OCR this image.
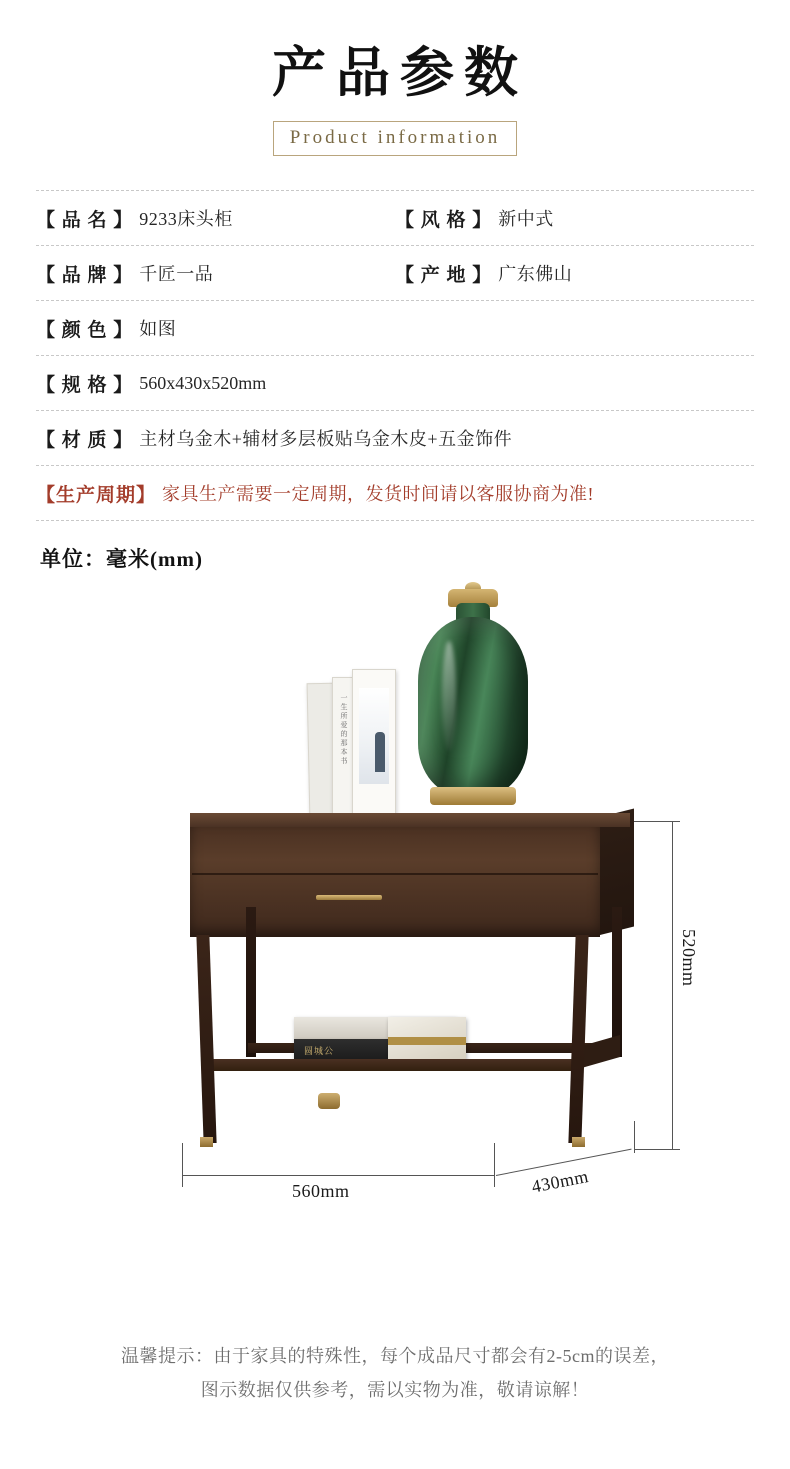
产品参数
Product information
【 品 名 】 9233床头柜	【 风 格 】 新中式
【 品 牌 】 千匠一品	【 产 地 】 广东佛山
【 颜 色 】 如图
【 规 格 】 560x430x520mm
【 材 质 】 主材乌金木+辅材多层板贴乌金木皮+五金饰件
【生产周期】 家具生产需要一定周期，发货时间请以客服协商为准!
单位：毫米(mm)
一生所爱的那本书
圆城公
520mm
560mm	430mm
温馨提示：由于家具的特殊性，每个成品尺寸都会有2-5cm的误差，
图示数据仅供参考，需以实物为准，敬请谅解！
